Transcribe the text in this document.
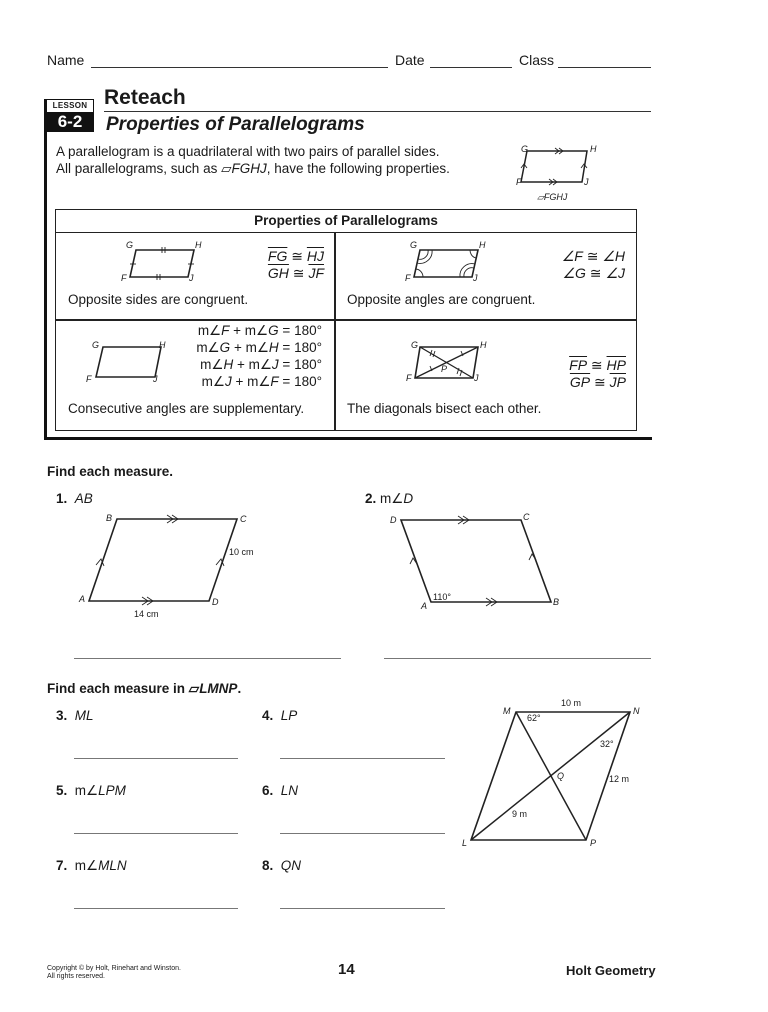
Name	Date	Class
LESSON
6-2
Reteach
Properties of Parallelograms
A parallelogram is a quadrilateral with two pairs of parallel sides.
All parallelograms, such as ▱FGHJ, have the following properties.
G	H
F	J
▱FGHJ
Properties of Parallelograms
G	H
F	J
$\overline{FG}$ ≅ $\overline{HJ}$
$\overline{GH}$ ≅ $\overline{JF}$
Opposite sides are congruent.
G	H
F	J
∠F ≅ ∠H
∠G ≅ ∠J
Opposite angles are congruent.
G	H
F	J
m∠F + m∠G = 180°
m∠G + m∠H = 180°
m∠H + m∠J = 180°
m∠J + m∠F = 180°
Consecutive angles are supplementary.
G	H
F	J
P	$\overline{FP}$ ≅ $\overline{HP}$
$\overline{GP}$ ≅ $\overline{JP}$
The diagonals bisect each other.
Find each measure.
1. AB
B	C
A	D
10 cm
14 cm
2. m∠D
D	C
A	B
110°
Find each measure in ▱LMNP.
3. ML	4. LP
5. m∠LPM	6. LN
7. m∠MLN	8. QN
M	N
L	P
Q
10 m
62°
32°
12 m
9 m
Copyright © by Holt, Rinehart and Winston.
All rights reserved.	14	Holt Geometry
